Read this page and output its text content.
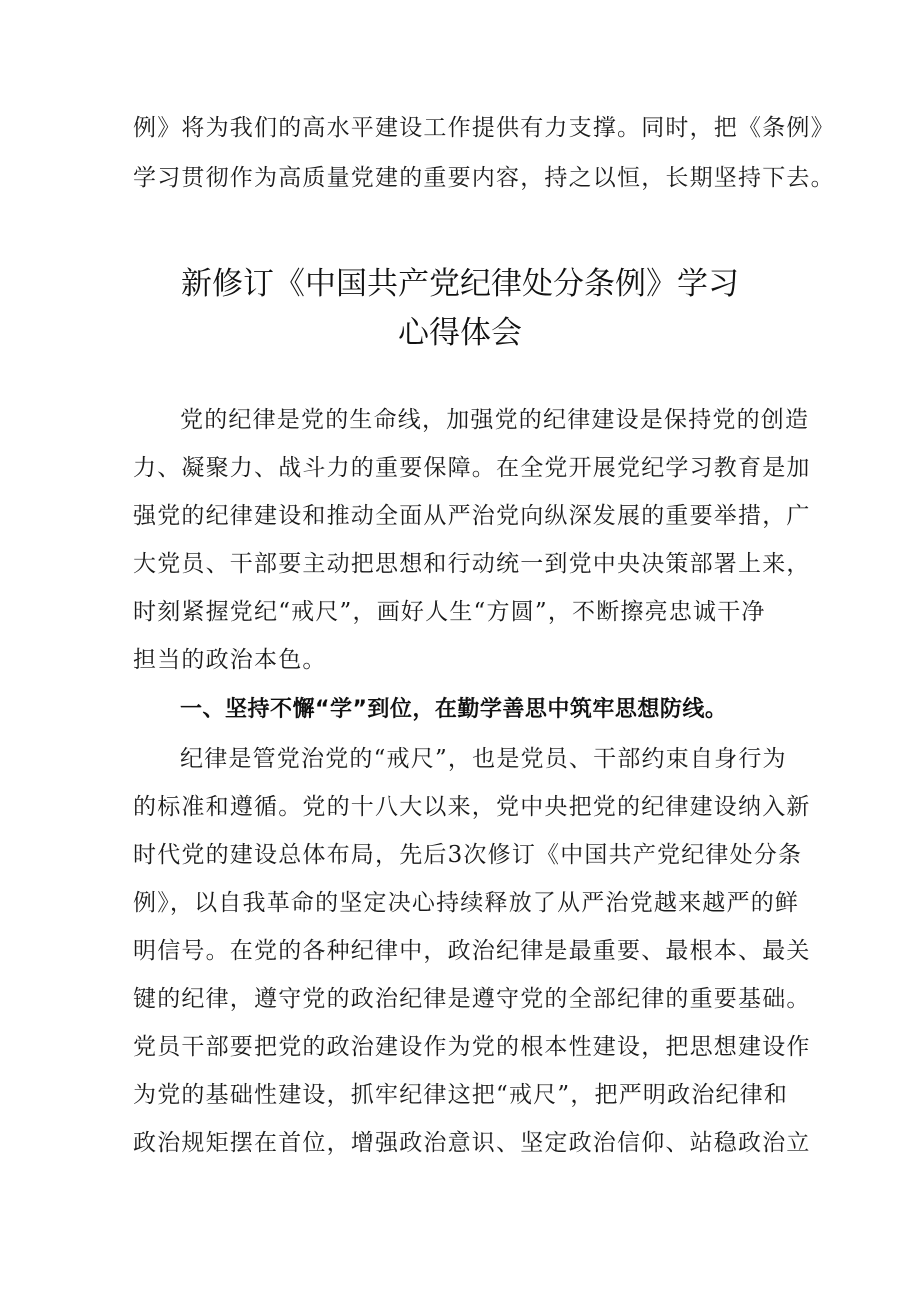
例》将为我们的高水平建设工作提供有力支撑。同时，把《条例》
学习贯彻作为高质量党建的重要内容，持之以恒，长期坚持下去。
新修订《中国共产党纪律处分条例》学习
心得体会
党的纪律是党的生命线，加强党的纪律建设是保持党的创造
力、凝聚力、战斗力的重要保障。在全党开展党纪学习教育是加
强党的纪律建设和推动全面从严治党向纵深发展的重要举措，广
大党员、干部要主动把思想和行动统一到党中央决策部署上来，
时刻紧握党纪“戒尺”，画好人生“方圆”，不断擦亮忠诚干净
担当的政治本色。
一、坚持不懈“学”到位，在勤学善思中筑牢思想防线。
纪律是管党治党的“戒尺”，也是党员、干部约束自身行为
的标准和遵循。党的十八大以来，党中央把党的纪律建设纳入新
时代党的建设总体布局，先后3次修订《中国共产党纪律处分条
例》，以自我革命的坚定决心持续释放了从严治党越来越严的鲜
明信号。在党的各种纪律中，政治纪律是最重要、最根本、最关
键的纪律，遵守党的政治纪律是遵守党的全部纪律的重要基础。
党员干部要把党的政治建设作为党的根本性建设，把思想建设作
为党的基础性建设，抓牢纪律这把“戒尺”，把严明政治纪律和
政治规矩摆在首位，增强政治意识、坚定政治信仰、站稳政治立
